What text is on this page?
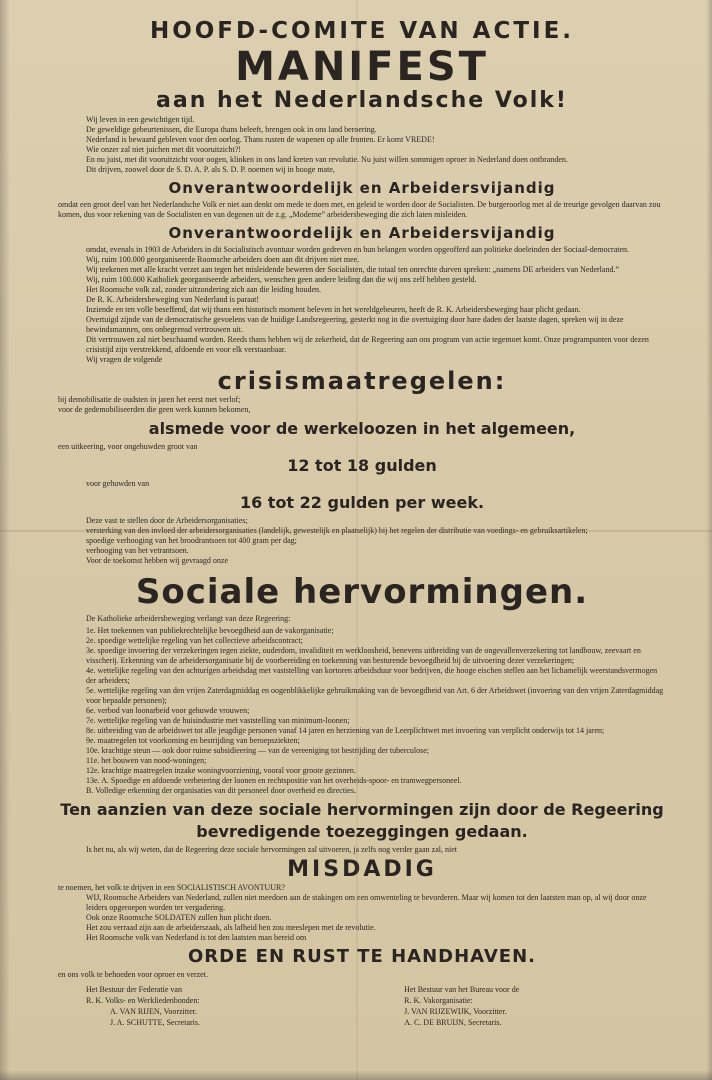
HOOFD-COMITE VAN ACTIE.
MANIFEST
aan het Nederlandsche Volk!

Wij leven in een gewichtigen tijd.

De geweldige gebeurtenissen, die Europa thans beleeft, brengen ook in ons land beroering.

Nederland is bewaard gebleven voor den oorlog. Thans rusten de wapenen op alle fronten. Er komt VREDE!

Wie onzer zal niet juichen met dit vooruitzicht?!

En nu juist, met dit vooruitzicht voor oogen, klinken in ons land kreten van revolutie. Nu juist willen sommigen oproer in Nederland doen ontbranden.

Dit drijven, zoowel door de S. D. A. P. als S. D. P. noemen wij in hooge mate,

Onverantwoordelijk en Arbeidersvijandig

omdat een groot deel van het Nederlandsche Volk er niet aan denkt om mede te doen met, en geleid te worden door de Socialisten. De burgeroorlog met al de treurige gevolgen daarvan zou komen, dus voor rekening van de Socialisten en van degenen uit de z.g. „Moderne” arbeidersbeweging die zich laten misleiden.

Onverantwoordelijk en Arbeidersvijandig

omdat, evenals in 1903 de Arbeiders in dit Socialistisch avontuur worden gedreven en hun belangen worden opgeofferd aan politieke doeleinden der Sociaal-democraten.

Wij, ruim 100.000 georganiseerde Roomsche arbeiders doen aan dit drijven niet mee.

Wij teekenen met alle kracht verzet aan tegen het misleidende beweren der Socialisten, die totaal ten onrechte durven spreken: „namens DE arbeiders van Nederland.”

Wij, ruim 100.000 Katholiek georganiseerde arbeiders, wenschen geen andere leiding dan die wij ons zelf hebben gesteld.

Het Roomsche volk zal, zonder uitzondering zich aan die leiding houden.

De R. K. Arbeidersbeweging van Nederland is paraat!

Inziende en ten volle beseffend, dat wij thans een historisch moment beleven in het wereldgebeuren, heeft de R. K. Arbeidersbeweging haar plicht gedaan.

Overtuigd zijnde van de democratische gevoelens van de huidige Landsregeering, gesterkt nog in die overtuiging door hare daden der laatste dagen, spreken wij in deze bewindsmannen, ons onbegrensd vertrouwen uit.

Dit vertrouwen zal niet beschaamd worden. Reeds thans hebben wij de zekerheid, dat de Regeering aan ons program van actie tegemoet komt. Onze programpunten voor dezen crisistijd zijn verstrekkend, afdoende en voor elk verstaanbaar.

Wij vragen de volgende

crisismaatregelen:

bij demobilisatie de oudsten in jaren het eerst met verlof;

voor de gedemobiliseerden die geen werk kunnen bekomen,

alsmede voor de werkeloozen in het algemeen,

een uitkeering, voor ongehuwden groot van

12 tot 18 gulden

voor gehuwden van

16 tot 22 gulden per week.

Deze vast te stellen door de Arbeidersorganisaties;

versterking van den invloed der arbeidersorganisaties (landelijk, gewestelijk en plaatselijk) bij het regelen der distributie van voedings- en gebruiksartikelen;

spoedige verhooging van het broodrantsoen tot 400 gram per dag;

verhooging van het vetrantsoen.

Voor de toekomst hebben wij gevraagd onze

Sociale hervormingen.

De Katholieke arbeidersbeweging verlangt van deze Regeering:

1e. Het toekennen van publiekrechtelijke bevoegdheid aan de vakorganisatie;
2e. spoedige wettelijke regeling van het collectieve arbeidscontract;
3e. spoedige invoering der verzekeringen tegen ziekte, ouderdom, invaliditeit en werkloosheid, benevens uitbreiding van de ongevallenverzekering tot landbouw, zeevaart en visscherij. Erkenning van de arbeidersorganisatie bij de voorbereiding en toekenning van besturende bevoegdheid bij de uitvoering dezer verzekeringen;
4e. wettelijke regeling van den achturigen arbeidsdag met vaststelling van kortoren arbeidsduur voor bedrijven, die hooge eischen stellen aan het lichamelijk weerstandsvermogen der arbeiders;
5e. wettelijke regeling van den vrijen Zaterdagmiddag en oogenblikkelijke gebruikmaking van de bevoegdheid van Art. 6 der Arbeidswet (invoering van den vrijen Zaterdagmiddag voor bepaalde personen);
6e. verbod van loonarbeid voor gehuwde vrouwen;
7e. wettelijke regeling van de huisindustrie met vaststelling van minimum-loonen;
8e. uitbreiding van de arbeidswet tot alle jeugdige personen vanaf 14 jaren en herziening van de Leerplichtwet met invoering van verplicht onderwijs tot 14 jaren;
9e. maatregelen tot voorkoming en bestrijding van beroepsziekten;
10e. krachtige steun — ook door ruime subsidieering — van de vereeniging tot bestrijding der tuberculose;
11e. het bouwen van nood-woningen;
12e. krachtige maatregelen inzake woningvoorziening, vooral voor groote gezinnen.
13e. A. Spoedige en afdoende verbetering der loonen en rechtspositie van het overheids-spoor- en tramwegpersoneel.
B. Volledige erkenning der organisaties van dit personeel door overheid en directies.
Ten aanzien van deze sociale hervormingen zijn door de Regeering bevredigende toezeggingen gedaan.

Is het nu, als wij weten, dat de Regeering deze sociale hervormingen zal uitvoeren, ja zelfs nog verder gaan zal, niet

MISDADIG

te noemen, het volk te drijven in een SOCIALISTISCH AVONTUUR?

WIJ, Roomsche Arbeiders van Nederland, zullen niet meedoen aan de stakingen om een omwenteling te bevorderen. Maar wij komen tot den laatsten man op, al wij door onze leiders opgeroepen worden ter vergadering.

Ook onze Roomsche SOLDATEN zullen hun plicht doen.

Het zou verraad zijn aan de arbeiderszaak, als lafheid hen zou meeslepen met de revolutie.

Het Roomsche volk van Nederland is tot den laatsten man bereid om

ORDE EN RUST TE HANDHAVEN.

en ons volk te behoeden voor oproer en verzet.

Het Bestuur der Federatie van

R. K. Volks- en Werkliedenbonden:

A. VAN RIJEN, Voorzitter.

J. A. SCHUTTE, Secretaris.

Het Bestuur van het Bureau voor de

R. K. Vakorganisatie:

J. VAN RIJZEWIJK, Voorzitter.

A. C. DE BRUIJN, Secretaris.
